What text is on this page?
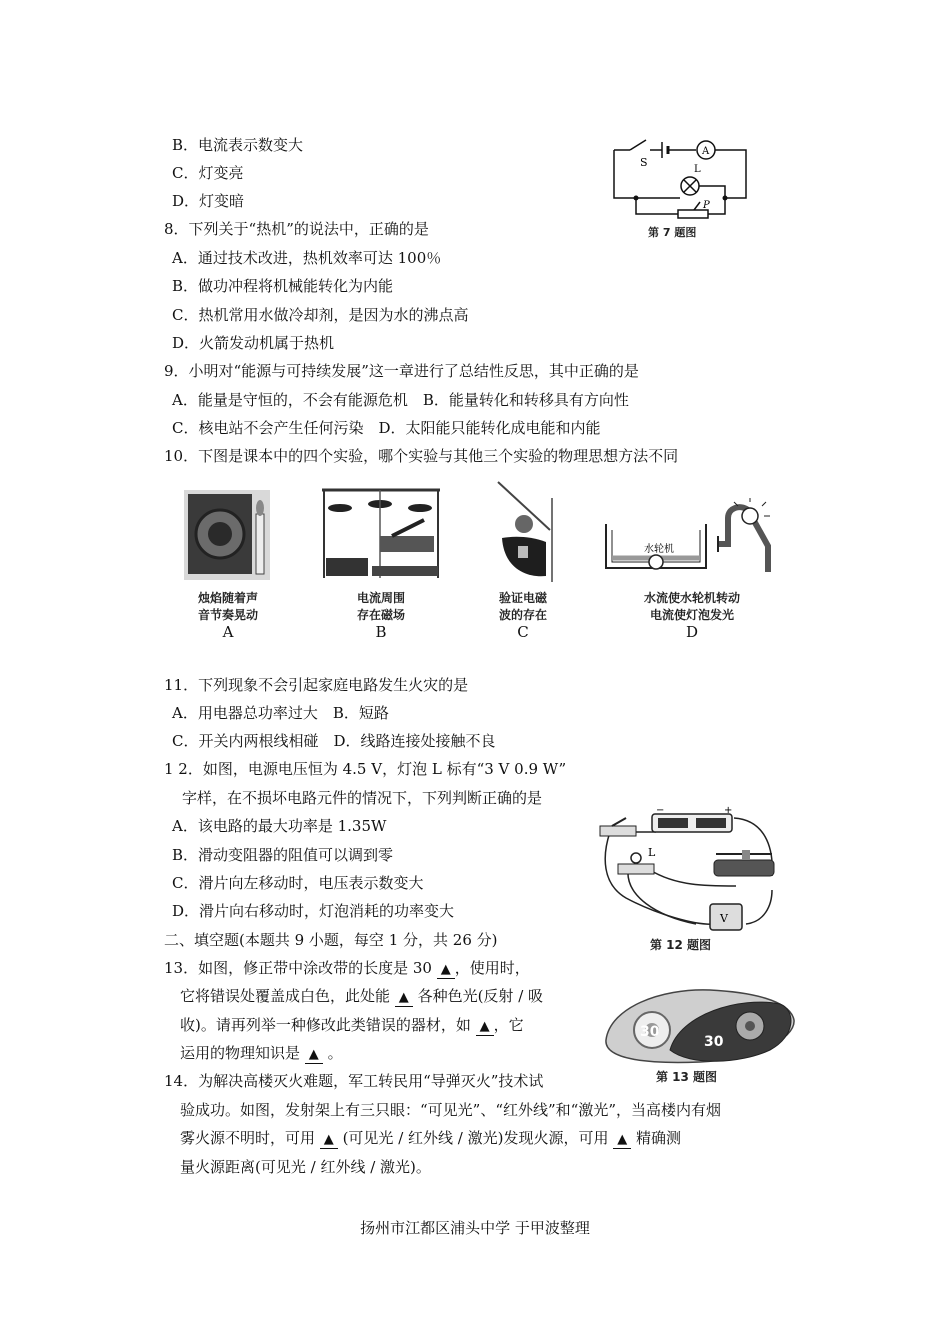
B．电流表示数变大
C．灯变亮
D．灯变暗
S
A
L
P
第 7 题图
8．下列关于“热机”的说法中，正确的是
A．通过技术改进，热机效率可达 100％
B．做功冲程将机械能转化为内能
C．热机常用水做冷却剂，是因为水的沸点高
D．火箭发动机属于热机
9．小明对“能源与可持续发展”这一章进行了总结性反思，其中正确的是
A．能量是守恒的，不会有能源危机　B．能量转化和转移具有方向性
C．核电站不会产生任何污染　D．太阳能只能转化成电能和内能
10．下图是课本中的四个实验，哪个实验与其他三个实验的物理思想方法不同
烛焰随着声
音节奏晃动
A
电流周围
存在磁场
B
验证电磁
波的存在
C
水轮机
水流使水轮机转动
电流使灯泡发光
D
11．下列现象不会引起家庭电路发生火灾的是
A．用电器总功率过大　B．短路
C．开关内两根线相碰　D．线路连接处接触不良
1 2．如图，电源电压恒为 4.5 V，灯泡 L 标有“3 V 0.9 W”
字样，在不损坏电路元件的情况下，下列判断正确的是
A．该电路的最大功率是 1.35W
B．滑动变阻器的阻值可以调到零
C．滑片向左移动时，电压表示数变大
D．滑片向右移动时，灯泡消耗的功率变大
−	+
L
V
第 12 题图
二、填空题(本题共 9 小题，每空 1 分，共 26 分)
13．如图，修正带中涂改带的长度是 30 ▲ ，使用时，
它将错误处覆盖成白色，此处能 ▲ 各种色光(反射 / 吸
收)。请再列举一种修改此类错误的器材，如 ▲ ，它
运用的物理知识是 ▲ 。
30
30
第 13 题图
14．为解决高楼灭火难题，军工转民用“导弹灭火”技术试
验成功。如图，发射架上有三只眼：“可见光”、“红外线”和“激光”，当高楼内有烟
雾火源不明时，可用 ▲ (可见光 / 红外线 / 激光)发现火源，可用 ▲ 精确测
量火源距离(可见光 / 红外线 / 激光)。
扬州市江都区浦头中学 于甲波整理
